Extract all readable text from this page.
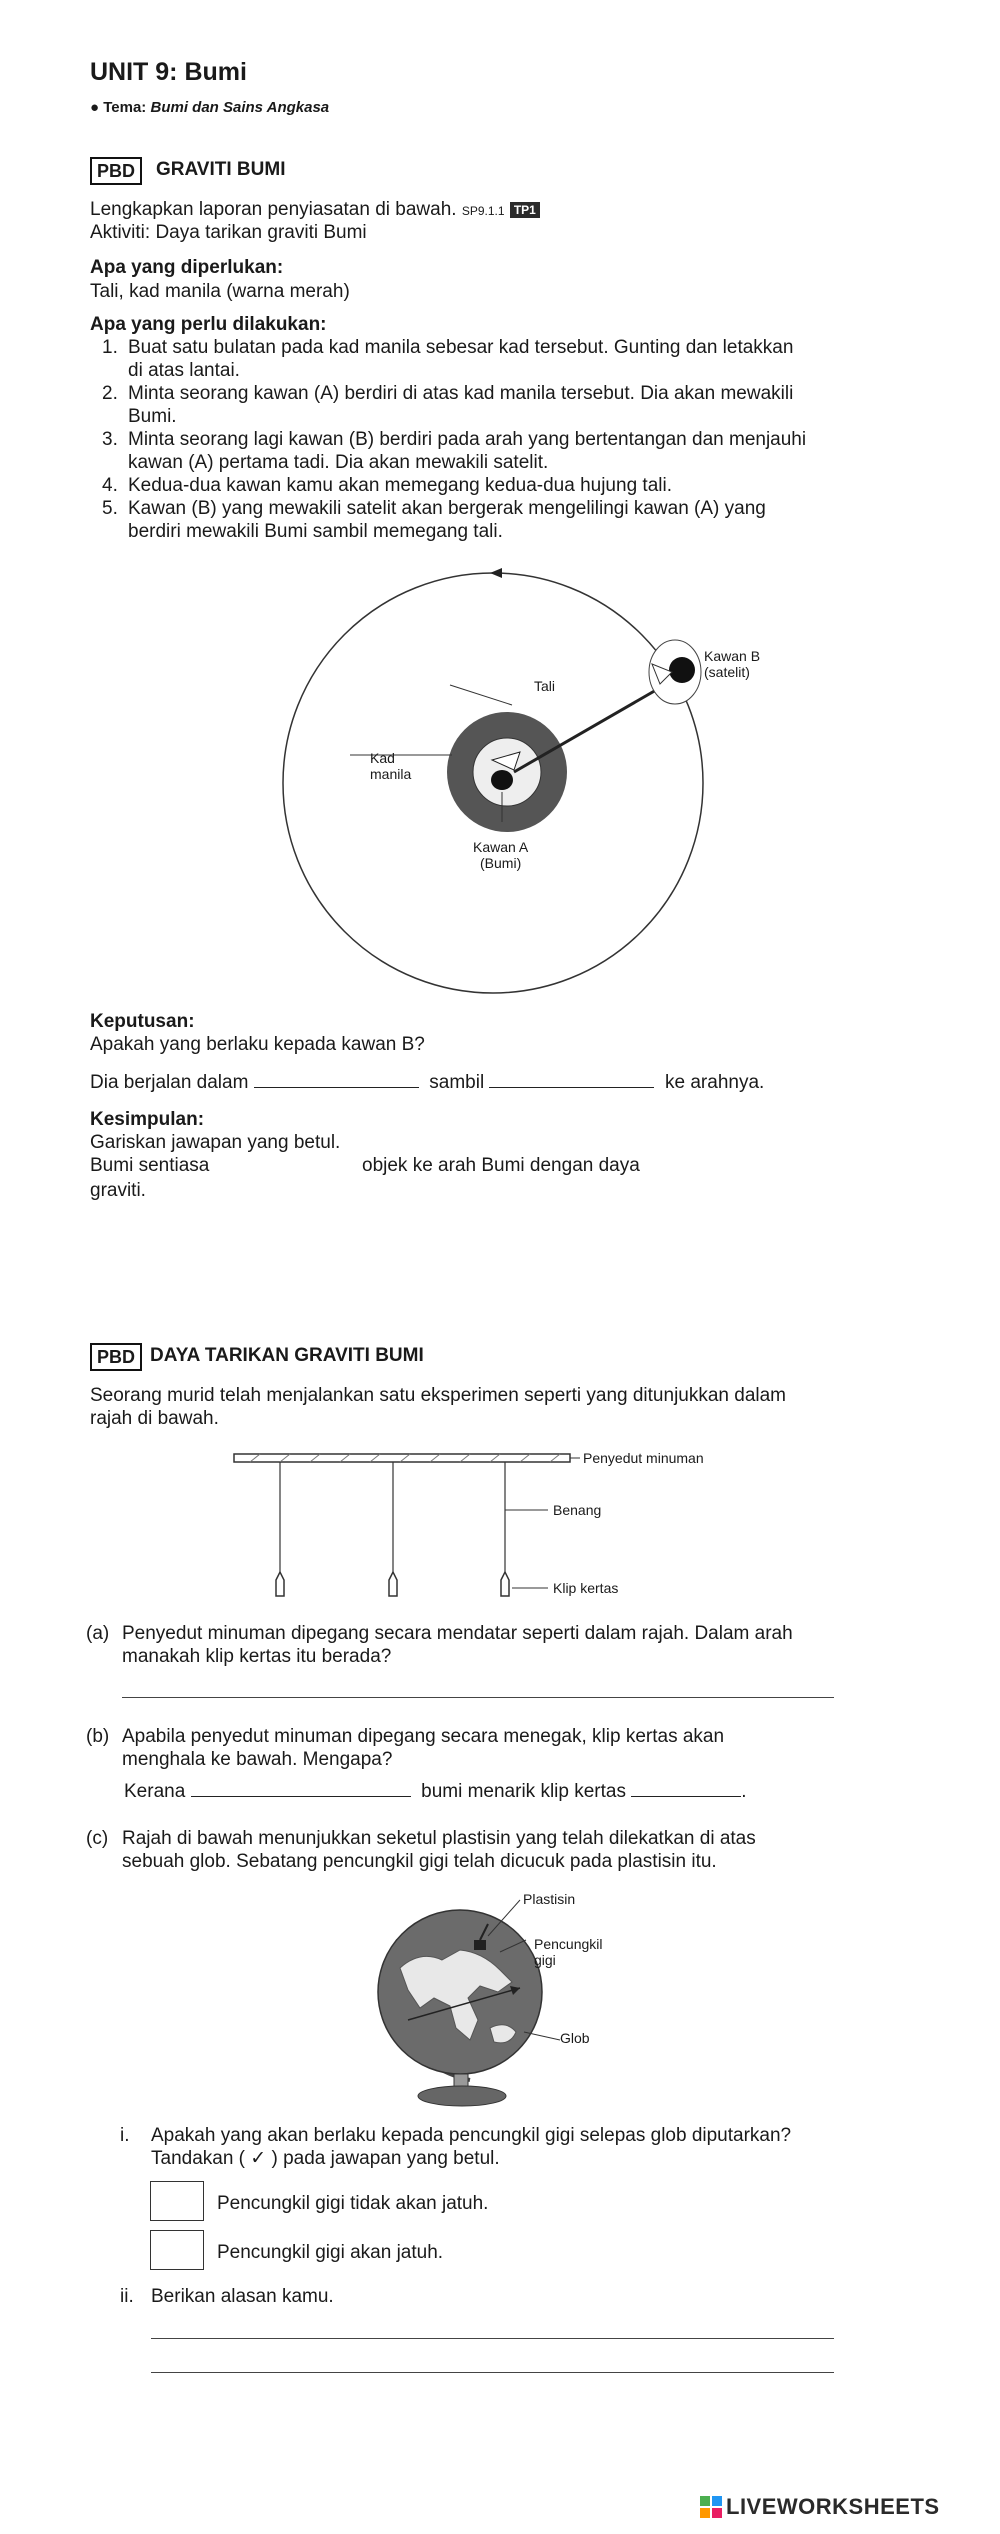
UNIT 9: Bumi
● Tema: Bumi dan Sains Angkasa
PBD	GRAVITI BUMI
Lengkapkan laporan penyiasatan di bawah. SP9.1.1 TP1
Aktiviti: Daya tarikan graviti Bumi
Apa yang diperlukan:
Tali, kad manila (warna merah)
Apa yang perlu dilakukan:
1. Buat satu bulatan pada kad manila sebesar kad tersebut. Gunting dan letakkan
di atas lantai.
2. Minta seorang kawan (A) berdiri di atas kad manila tersebut. Dia akan mewakili
Bumi.
3. Minta seorang lagi kawan (B) berdiri pada arah yang bertentangan dan menjauhi
kawan (A) pertama tadi. Dia akan mewakili satelit.
4. Kedua-dua kawan kamu akan memegang kedua-dua hujung tali.
5. Kawan (B) yang mewakili satelit akan bergerak mengelilingi kawan (A) yang
berdiri mewakili Bumi sambil memegang tali.
Kawan B
(satelit)
Tali
Kad
manila
Kawan A
(Bumi)
Keputusan:
Apakah yang berlaku kepada kawan B?
Dia berjalan dalam	sambil	ke arahnya.
Kesimpulan:
Gariskan jawapan yang betul.
Bumi sentiasa	objek ke arah Bumi dengan daya
graviti.
PBD DAYA TARIKAN GRAVITI BUMI
Seorang murid telah menjalankan satu eksperimen seperti yang ditunjukkan dalam
rajah di bawah.
Penyedut minuman
Benang
Klip kertas
(a) Penyedut minuman dipegang secara mendatar seperti dalam rajah. Dalam arah
manakah klip kertas itu berada?
(b) Apabila penyedut minuman dipegang secara menegak, klip kertas akan
menghala ke bawah. Mengapa?
Kerana	bumi menarik klip kertas	.
(c) Rajah di bawah menunjukkan seketul plastisin yang telah dilekatkan di atas
sebuah glob. Sebatang pencungkil gigi telah dicucuk pada plastisin itu.
Plastisin
Pencungkil
gigi
Glob
i. Apakah yang akan berlaku kepada pencungkil gigi selepas glob diputarkan?
Tandakan ( ✓ ) pada jawapan yang betul.
Pencungkil gigi tidak akan jatuh.
Pencungkil gigi akan jatuh.
ii. Berikan alasan kamu.
LIVEWORKSHEETS
